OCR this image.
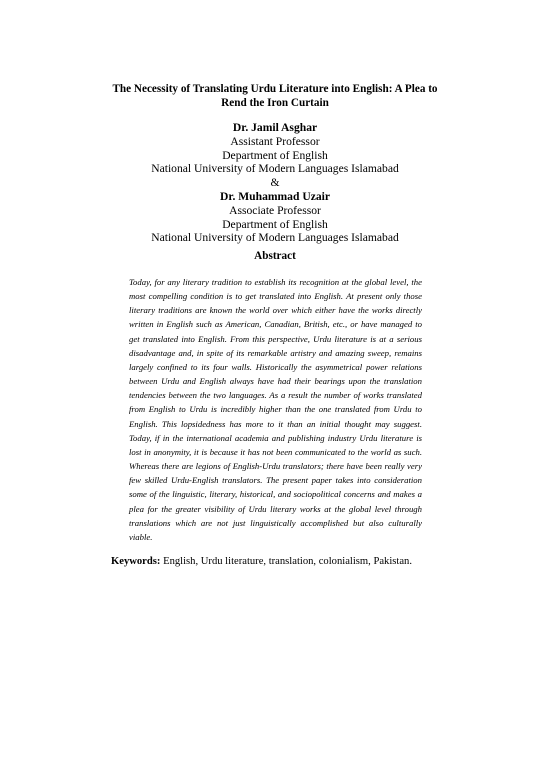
The Necessity of Translating Urdu Literature into English: A Plea to Rend the Iron Curtain
Dr. Jamil Asghar
Assistant Professor
Department of English
National University of Modern Languages Islamabad
&
Dr. Muhammad Uzair
Associate Professor
Department of English
National University of Modern Languages Islamabad
Abstract
Today, for any literary tradition to establish its recognition at the global level, the most compelling condition is to get translated into English. At present only those literary traditions are known the world over which either have the works directly written in English such as American, Canadian, British, etc., or have managed to get translated into English. From this perspective, Urdu literature is at a serious disadvantage and, in spite of its remarkable artistry and amazing sweep, remains largely confined to its four walls. Historically the asymmetrical power relations between Urdu and English always have had their bearings upon the translation tendencies between the two languages. As a result the number of works translated from English to Urdu is incredibly higher than the one translated from Urdu to English. This lopsidedness has more to it than an initial thought may suggest. Today, if in the international academia and publishing industry Urdu literature is lost in anonymity, it is because it has not been communicated to the world as such. Whereas there are legions of English-Urdu translators; there have been really very few skilled Urdu-English translators. The present paper takes into consideration some of the linguistic, literary, historical, and sociopolitical concerns and makes a plea for the greater visibility of Urdu literary works at the global level through translations which are not just linguistically accomplished but also culturally viable.
Keywords: English, Urdu literature, translation, colonialism, Pakistan.
